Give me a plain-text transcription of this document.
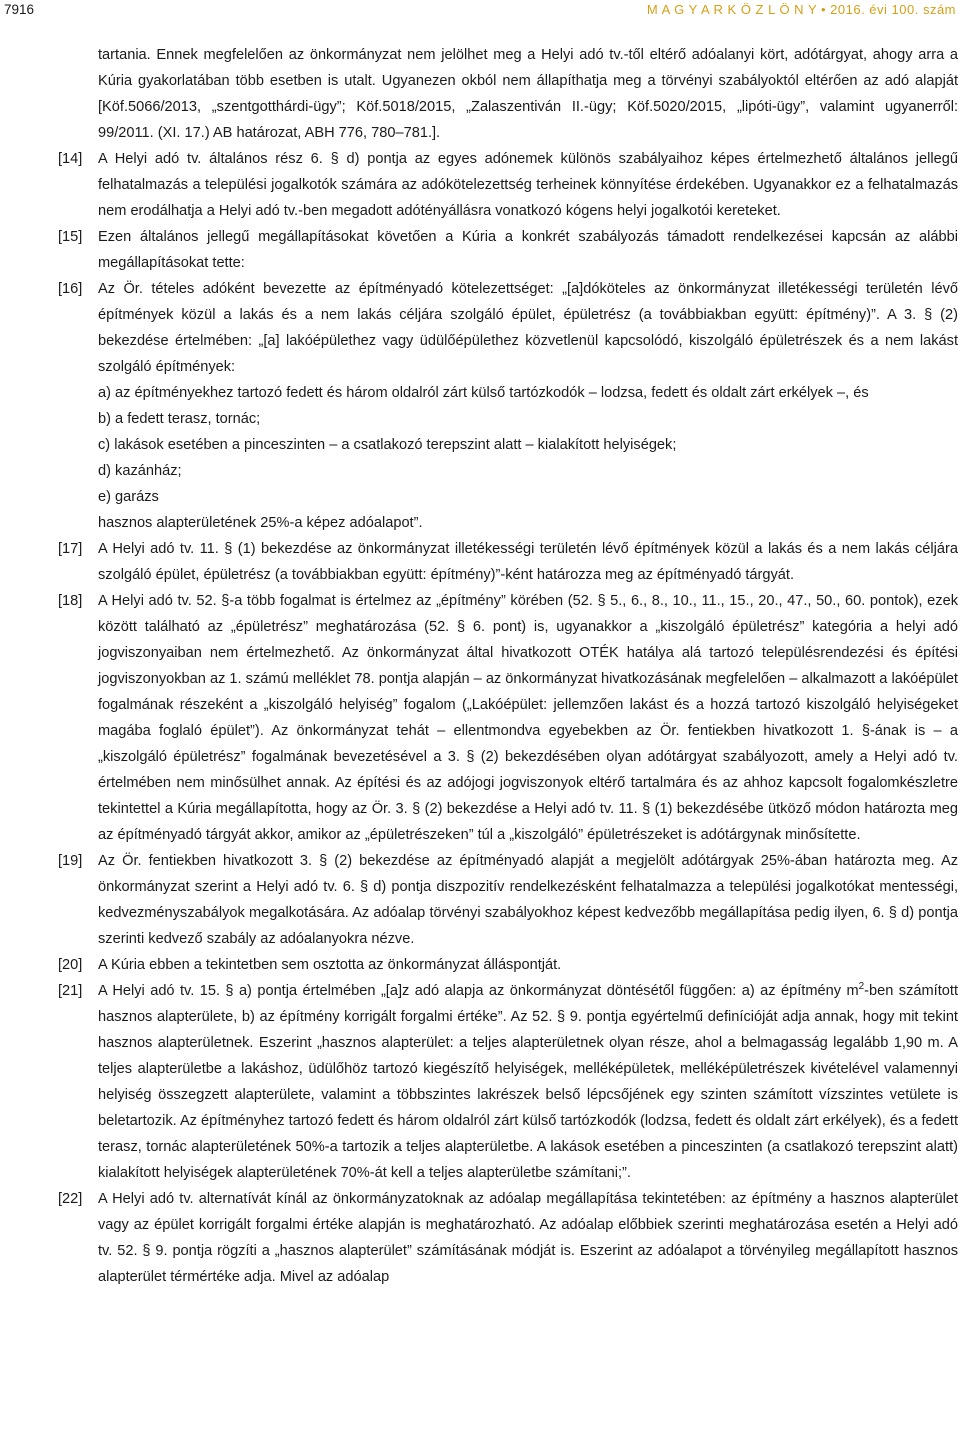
7916	M A G Y A R K Ö Z L Ö N Y • 2016. évi 100. szám

tartania. Ennek megfelelően az önkormányzat nem jelölhet meg a Helyi adó tv.-től eltérő adóalanyi kört, adótárgyat, ahogy arra a Kúria gyakorlatában több esetben is utalt. Ugyanezen okból nem állapíthatja meg a törvényi szabályoktól eltérően az adó alapját [Köf.5066/2013, „szentgotthárdi-ügy”; Köf.5018/2015, „Zalaszentiván II.-ügy; Köf.5020/2015, „lipóti-ügy”, valamint ugyanerről: 99/2011. (XI. 17.) AB határozat, ABH 776, 780–781.].

[14] A Helyi adó tv. általános rész 6. § d) pontja az egyes adónemek különös szabályaihoz képes értelmezhető általános jellegű felhatalmazás a települési jogalkotók számára az adókötelezettség terheinek könnyítése érdekében. Ugyanakkor ez a felhatalmazás nem erodálhatja a Helyi adó tv.-ben megadott adótényállásra vonatkozó kógens helyi jogalkotói kereteket.

[15] Ezen általános jellegű megállapításokat követően a Kúria a konkrét szabályozás támadott rendelkezései kapcsán az alábbi megállapításokat tette:

[16] Az Ör. tételes adóként bevezette az építményadó kötelezettséget: „[a]dóköteles az önkormányzat illetékességi területén lévő építmények közül a lakás és a nem lakás céljára szolgáló épület, épületrész (a továbbiakban együtt: építmény)”. A 3. § (2) bekezdése értelmében: „[a] lakóépülethez vagy üdülőépülethez közvetlenül kapcsolódó, kiszolgáló épületrészek és a nem lakást szolgáló építmények:
a) az építményekhez tartozó fedett és három oldalról zárt külső tartózkodók – lodzsa, fedett és oldalt zárt erkélyek –, és
b) a fedett terasz, tornác;
c) lakások esetében a pinceszinten – a csatlakozó terepszint alatt – kialakított helyiségek;
d) kazánház;
e) garázs
hasznos alapterületének 25%-a képez adóalapot”.

[17] A Helyi adó tv. 11. § (1) bekezdése az önkormányzat illetékességi területén lévő építmények közül a lakás és a nem lakás céljára szolgáló épület, épületrész (a továbbiakban együtt: építmény)”-ként határozza meg az építményadó tárgyát.

[18] A Helyi adó tv. 52. §-a több fogalmat is értelmez az „építmény” körében (52. § 5., 6., 8., 10., 11., 15., 20., 47., 50., 60. pontok), ezek között található az „épületrész” meghatározása (52. § 6. pont) is, ugyanakkor a „kiszolgáló épületrész” kategória a helyi adó jogviszonyaiban nem értelmezhető. Az önkormányzat által hivatkozott OTÉK hatálya alá tartozó településrendezési és építési jogviszonyokban az 1. számú melléklet 78. pontja alapján – az önkormányzat hivatkozásának megfelelően – alkalmazott a lakóépület fogalmának részeként a „kiszolgáló helyiség” fogalom („Lakóépület: jellemzően lakást és a hozzá tartozó kiszolgáló helyiségeket magába foglaló épület”). Az önkormányzat tehát – ellentmondva egyebekben az Ör. fentiekben hivatkozott 1. §-ának is – a „kiszolgáló épületrész” fogalmának bevezetésével a 3. § (2) bekezdésében olyan adótárgyat szabályozott, amely a Helyi adó tv. értelmében nem minősülhet annak. Az építési és az adójogi jogviszonyok eltérő tartalmára és az ahhoz kapcsolt fogalomkészletre tekintettel a Kúria megállapította, hogy az Ör. 3. § (2) bekezdése a Helyi adó tv. 11. § (1) bekezdésébe ütköző módon határozta meg az építményadó tárgyát akkor, amikor az „épületrészeken” túl a „kiszolgáló” épületrészeket is adótárgynak minősítette.

[19] Az Ör. fentiekben hivatkozott 3. § (2) bekezdése az építményadó alapját a megjelölt adótárgyak 25%-ában határozta meg. Az önkormányzat szerint a Helyi adó tv. 6. § d) pontja diszpozitív rendelkezésként felhatalmazza a települési jogalkotókat mentességi, kedvezményszabályok megalkotására. Az adóalap törvényi szabályokhoz képest kedvezőbb megállapítása pedig ilyen, 6. § d) pontja szerinti kedvező szabály az adóalanyokra nézve.

[20] A Kúria ebben a tekintetben sem osztotta az önkormányzat álláspontját.

[21] A Helyi adó tv. 15. § a) pontja értelmében „[a]z adó alapja az önkormányzat döntésétől függően: a) az építmény $m^2$-ben számított hasznos alapterülete, b) az építmény korrigált forgalmi értéke”. Az 52. § 9. pontja egyértelmű definícióját adja annak, hogy mit tekint hasznos alapterületnek. Eszerint „hasznos alapterület: a teljes alapterületnek olyan része, ahol a belmagasság legalább 1,90 m. A teljes alapterületbe a lakáshoz, üdülőhöz tartozó kiegészítő helyiségek, melléképületek, melléképületrészek kivételével valamennyi helyiség összegzett alapterülete, valamint a többszintes lakrészek belső lépcsőjének egy szinten számított vízszintes vetülete is beletartozik. Az építményhez tartozó fedett és három oldalról zárt külső tartózkodók (lodzsa, fedett és oldalt zárt erkélyek), és a fedett terasz, tornác alapterületének 50%-a tartozik a teljes alapterületbe. A lakások esetében a pinceszinten (a csatlakozó terepszint alatt) kialakított helyiségek alapterületének 70%-át kell a teljes alapterületbe számítani;”.

[22] A Helyi adó tv. alternatívát kínál az önkormányzatoknak az adóalap megállapítása tekintetében: az építmény a hasznos alapterület vagy az épület korrigált forgalmi értéke alapján is meghatározható. Az adóalap előbbiek szerinti meghatározása esetén a Helyi adó tv. 52. § 9. pontja rögzíti a „hasznos alapterület” számításának módját is. Eszerint az adóalapot a törvényileg megállapított hasznos alapterület térmértéke adja. Mivel az adóalap
